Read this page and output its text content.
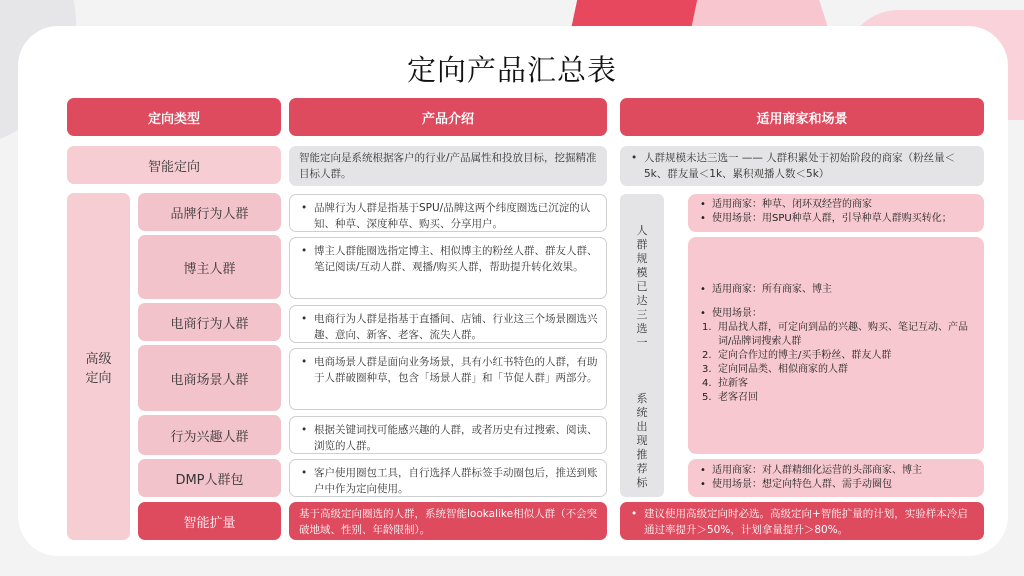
定向产品汇总表
定向类型	产品介绍	适用商家和场景
智能定向
智能定向是系统根据客户的行业/产品属性和投放目标，挖掘精准目标人群。
• 人群规模未达三选一 —— 人群积累处于初始阶段的商家（粉丝量＜5k、群友量＜1k、累积观播人数＜5k）
高级
定向
品牌行为人群
博主人群
电商行为人群
电商场景人群
行为兴趣人群
DMP人群包
• 品牌行为人群是指基于SPU/品牌这两个纬度圈选已沉淀的认知、种草、深度种草、购买、分享用户。
• 博主人群能圈选指定博主、相似博主的粉丝人群、群友人群、笔记阅读/互动人群、观播/购买人群，帮助提升转化效果。
• 电商行为人群是指基于直播间、店铺、行业这三个场景圈选兴趣、意向、新客、老客、流失人群。
• 电商场景人群是面向业务场景，具有小红书特色的人群，有助于人群破圈种草，包含「场景人群」和「节促人群」两部分。
• 根据关键词找可能感兴趣的人群，或者历史有过搜索、阅读、浏览的人群。
• 客户使用圈包工具，自行选择人群标签手动圈包后，推送到账户中作为定向使用。
人
群
规
模
已
达
三
选
一
系
统
出
现
推
荐
标
• 适用商家：种草、闭环双经营的商家
• 使用场景：用SPU种草人群，引导种草人群购买转化；
• 适用商家：所有商家、博主
• 使用场景：
1. 用品找人群，可定向到品的兴趣、购买、笔记互动、产品词/品牌词搜索人群
2. 定向合作过的博主/买手粉丝、群友人群
3. 定向同品类、相似商家的人群
4. 拉新客
5. 老客召回
• 适用商家：对人群精细化运营的头部商家、博主
• 使用场景：想定向特色人群、需手动圈包
智能扩量
基于高级定向圈选的人群，系统智能lookalike相似人群（不会突破地域、性别、年龄限制）。
• 建议使用高级定向时必选。高级定向+智能扩量的计划，实验样本冷启通过率提升＞50%，计划拿量提升＞80%。
